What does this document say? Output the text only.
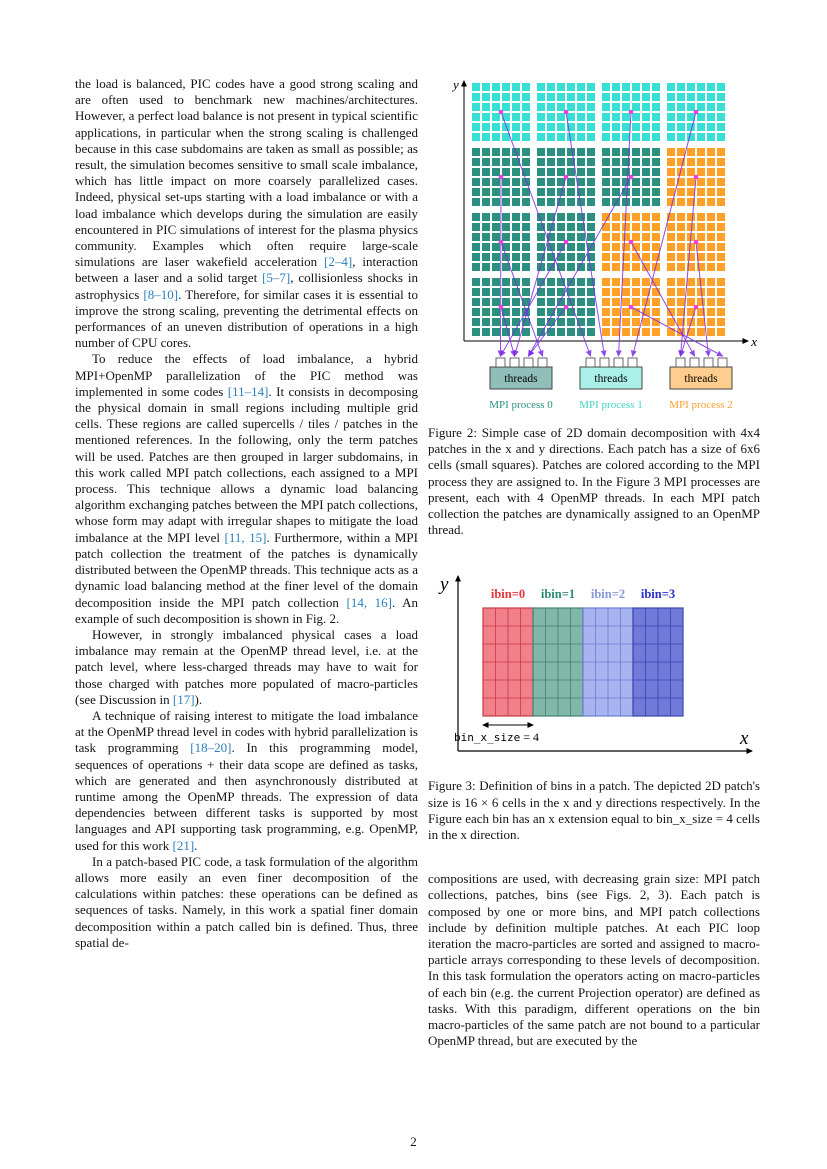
the load is balanced, PIC codes have a good strong scaling and are often used to benchmark new machines/architectures. However, a perfect load balance is not present in typical scientific applications, in particular when the strong scaling is challenged because in this case subdomains are taken as small as possible; as result, the simulation becomes sensitive to small scale imbalance, which has little impact on more coarsely parallelized cases. Indeed, physical set-ups starting with a load imbalance or with a load imbalance which develops during the simulation are easily encountered in PIC simulations of interest for the plasma physics community. Examples which often require large-scale simulations are laser wakefield acceleration [2–4], interaction between a laser and a solid target [5–7], collisionless shocks in astrophysics [8–10]. Therefore, for similar cases it is essential to improve the strong scaling, preventing the detrimental effects on performances of an uneven distribution of operations in a high number of CPU cores.

To reduce the effects of load imbalance, a hybrid MPI+OpenMP parallelization of the PIC method was implemented in some codes [11–14]. It consists in decomposing the physical domain in small regions including multiple grid cells. These regions are called supercells / tiles / patches in the mentioned references. In the following, only the term patches will be used. Patches are then grouped in larger subdomains, in this work called MPI patch collections, each assigned to a MPI process. This technique allows a dynamic load balancing algorithm exchanging patches between the MPI patch collections, whose form may adapt with irregular shapes to mitigate the load imbalance at the MPI level [11, 15]. Furthermore, within a MPI patch collection the treatment of the patches is dynamically distributed between the OpenMP threads. This technique acts as a dynamic load balancing method at the finer level of the domain decomposition inside the MPI patch collection [14, 16]. An example of such decomposition is shown in Fig. 2.

However, in strongly imbalanced physical cases a load imbalance may remain at the OpenMP thread level, i.e. at the patch level, where less-charged threads may have to wait for those charged with patches more populated of macro-particles (see Discussion in [17]).

A technique of raising interest to mitigate the load imbalance at the OpenMP thread level in codes with hybrid parallelization is task programming [18–20]. In this programming model, sequences of operations + their data scope are defined as tasks, which are generated and then asynchronously distributed at runtime among the OpenMP threads. The expression of data dependencies between different tasks is supported by most languages and API supporting task programming, e.g. OpenMP, used for this work [21].

In a patch-based PIC code, a task formulation of the algorithm allows more easily an even finer decomposition of the calculations within patches: these operations can be defined as sequences of tasks. Namely, in this work a spatial finer domain decomposition within a patch called bin is defined. Thus, three spatial de-

y
x
threads	threads	threads
MPI process 0 MPI process 1 MPI process 2
Figure 2: Simple case of 2D domain decomposition with 4x4 patches in the x and y directions. Each patch has a size of 6x6 cells (small squares). Patches are colored according to the MPI process they are assigned to. In the Figure 3 MPI processes are present, each with 4 OpenMP threads. In each MPI patch collection the patches are dynamically assigned to an OpenMP thread.
ibin=0 ibin=1 ibin=2 ibin=3
bin_x_size = 4
y
x
Figure 3: Definition of bins in a patch. The depicted 2D patch's size is 16 × 6 cells in the x and y directions respectively. In the Figure each bin has an x extension equal to bin_x_size = 4 cells in the x direction.
compositions are used, with decreasing grain size: MPI patch collections, patches, bins (see Figs. 2, 3). Each patch is composed by one or more bins, and MPI patch collections include by definition multiple patches. At each PIC loop iteration the macro-particles are sorted and assigned to macro-particle arrays corresponding to these levels of decomposition. In this task formulation the operators acting on macro-particles of each bin (e.g. the current Projection operator) are defined as tasks. With this paradigm, different operations on the bin macro-particles of the same patch are not bound to a particular OpenMP thread, but are executed by the
2
